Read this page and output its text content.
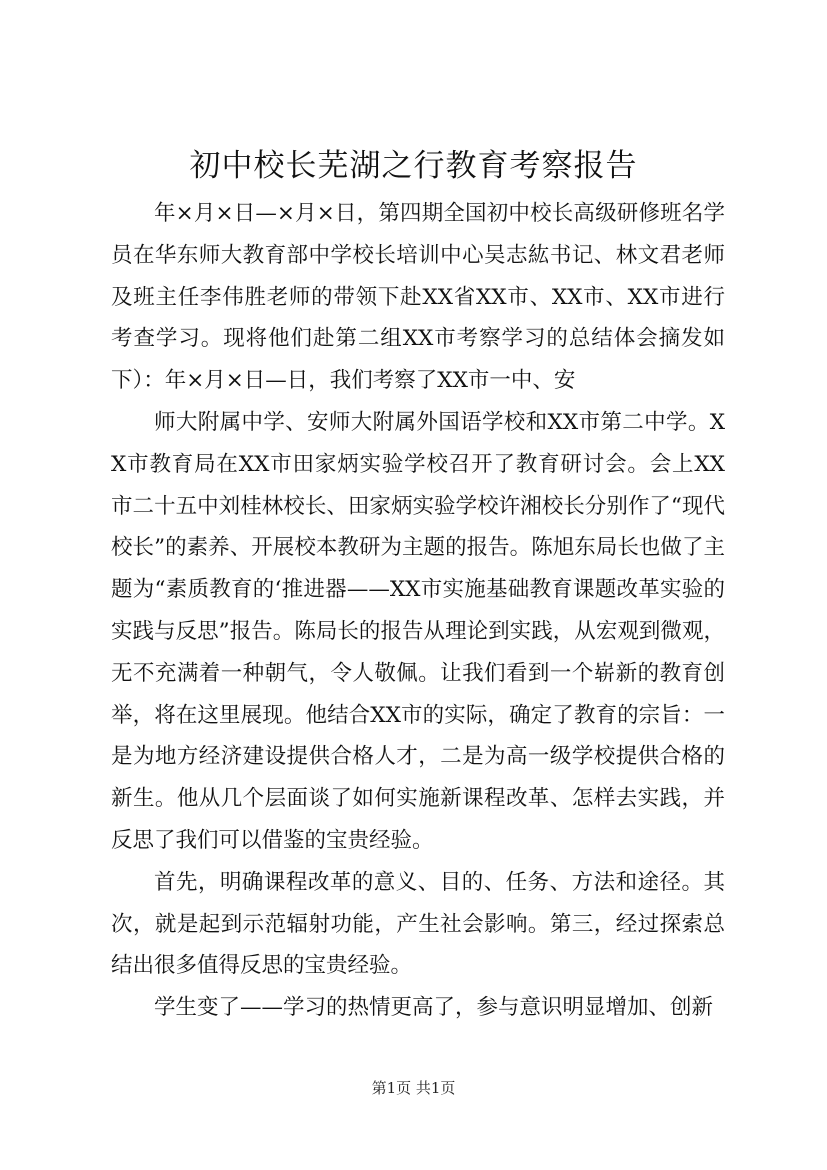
初中校长芜湖之行教育考察报告

年×月×日—×月×日，第四期全国初中校长高级研修班名学员在华东师大教育部中学校长培训中心吴志紘书记、林文君老师及班主任李伟胜老师的带领下赴XX省XX市、XX市、XX市进行考查学习。现将他们赴第二组XX市考察学习的总结体会摘发如下）：年×月×日—日，我们考察了XX市一中、安

师大附属中学、安师大附属外国语学校和XX市第二中学。XX市教育局在XX市田家炳实验学校召开了教育研讨会。会上XX市二十五中刘桂林校长、田家炳实验学校许湘校长分别作了“现代校长”的素养、开展校本教研为主题的报告。陈旭东局长也做了主题为“素质教育的‘推进器——XX市实施基础教育课题改革实验的实践与反思”报告。陈局长的报告从理论到实践，从宏观到微观，无不充满着一种朝气，令人敬佩。让我们看到一个崭新的教育创举，将在这里展现。他结合XX市的实际，确定了教育的宗旨：一是为地方经济建设提供合格人才，二是为高一级学校提供合格的新生。他从几个层面谈了如何实施新课程改革、怎样去实践，并反思了我们可以借鉴的宝贵经验。

首先，明确课程改革的意义、目的、任务、方法和途径。其次，就是起到示范辐射功能，产生社会影响。第三，经过探索总结出很多值得反思的宝贵经验。

学生变了——学习的热情更高了，参与意识明显增加、创新

第1页 共1页
